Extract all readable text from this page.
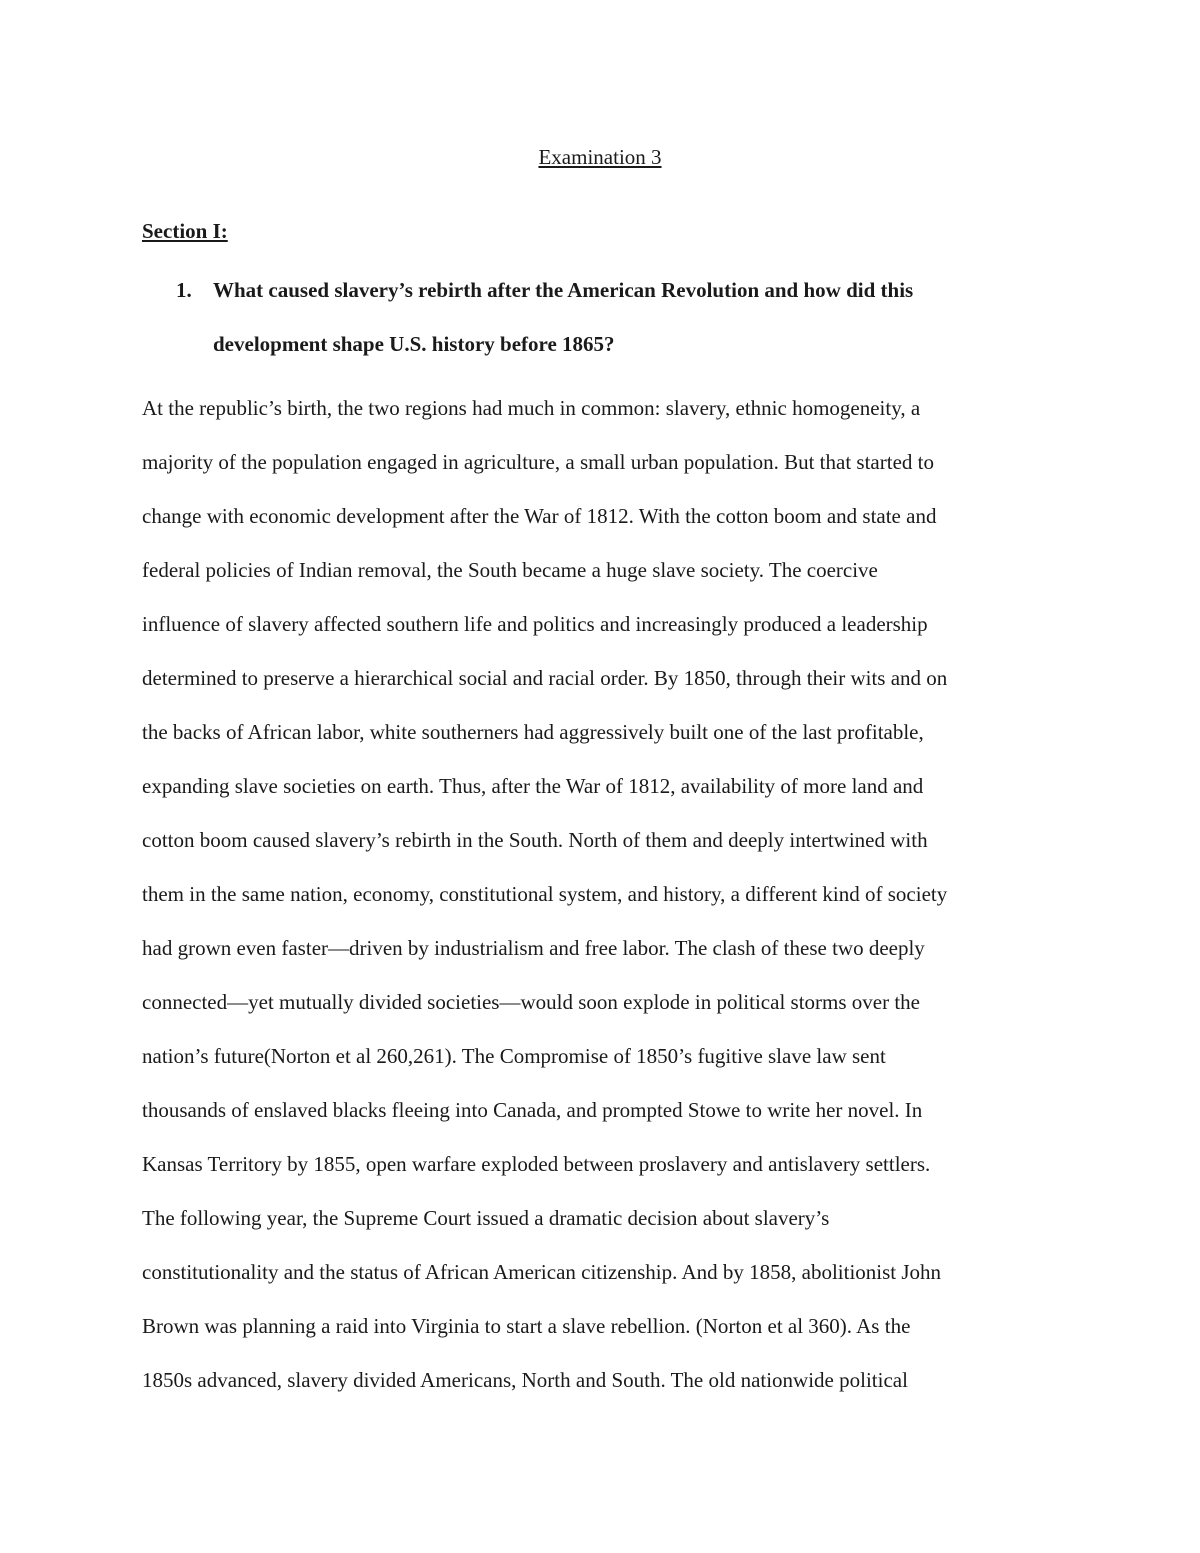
Examination 3
Section I:
1.	What caused slavery’s rebirth after the American Revolution and how did this
development shape U.S. history before 1865?
At the republic’s birth, the two regions had much in common: slavery, ethnic homogeneity, a
majority of the population engaged in agriculture, a small urban population. But that started to
change with economic development after the War of 1812. With the cotton boom and state and
federal policies of Indian removal, the South became a huge slave society. The coercive
influence of slavery affected southern life and politics and increasingly produced a leadership
determined to preserve a hierarchical social and racial order. By 1850, through their wits and on
the backs of African labor, white southerners had aggressively built one of the last profitable,
expanding slave societies on earth. Thus, after the War of 1812, availability of more land and
cotton boom caused slavery’s rebirth in the South. North of them and deeply intertwined with
them in the same nation, economy, constitutional system, and history, a different kind of society
had grown even faster—driven by industrialism and free labor. The clash of these two deeply
connected—yet mutually divided societies—would soon explode in political storms over the
nation’s future(Norton et al 260,261). The Compromise of 1850’s fugitive slave law sent
thousands of enslaved blacks fleeing into Canada, and prompted Stowe to write her novel. In
Kansas Territory by 1855, open warfare exploded between proslavery and antislavery settlers.
The following year, the Supreme Court issued a dramatic decision about slavery’s
constitutionality and the status of African American citizenship. And by 1858, abolitionist John
Brown was planning a raid into Virginia to start a slave rebellion. (Norton et al 360). As the
1850s advanced, slavery divided Americans, North and South. The old nationwide political
